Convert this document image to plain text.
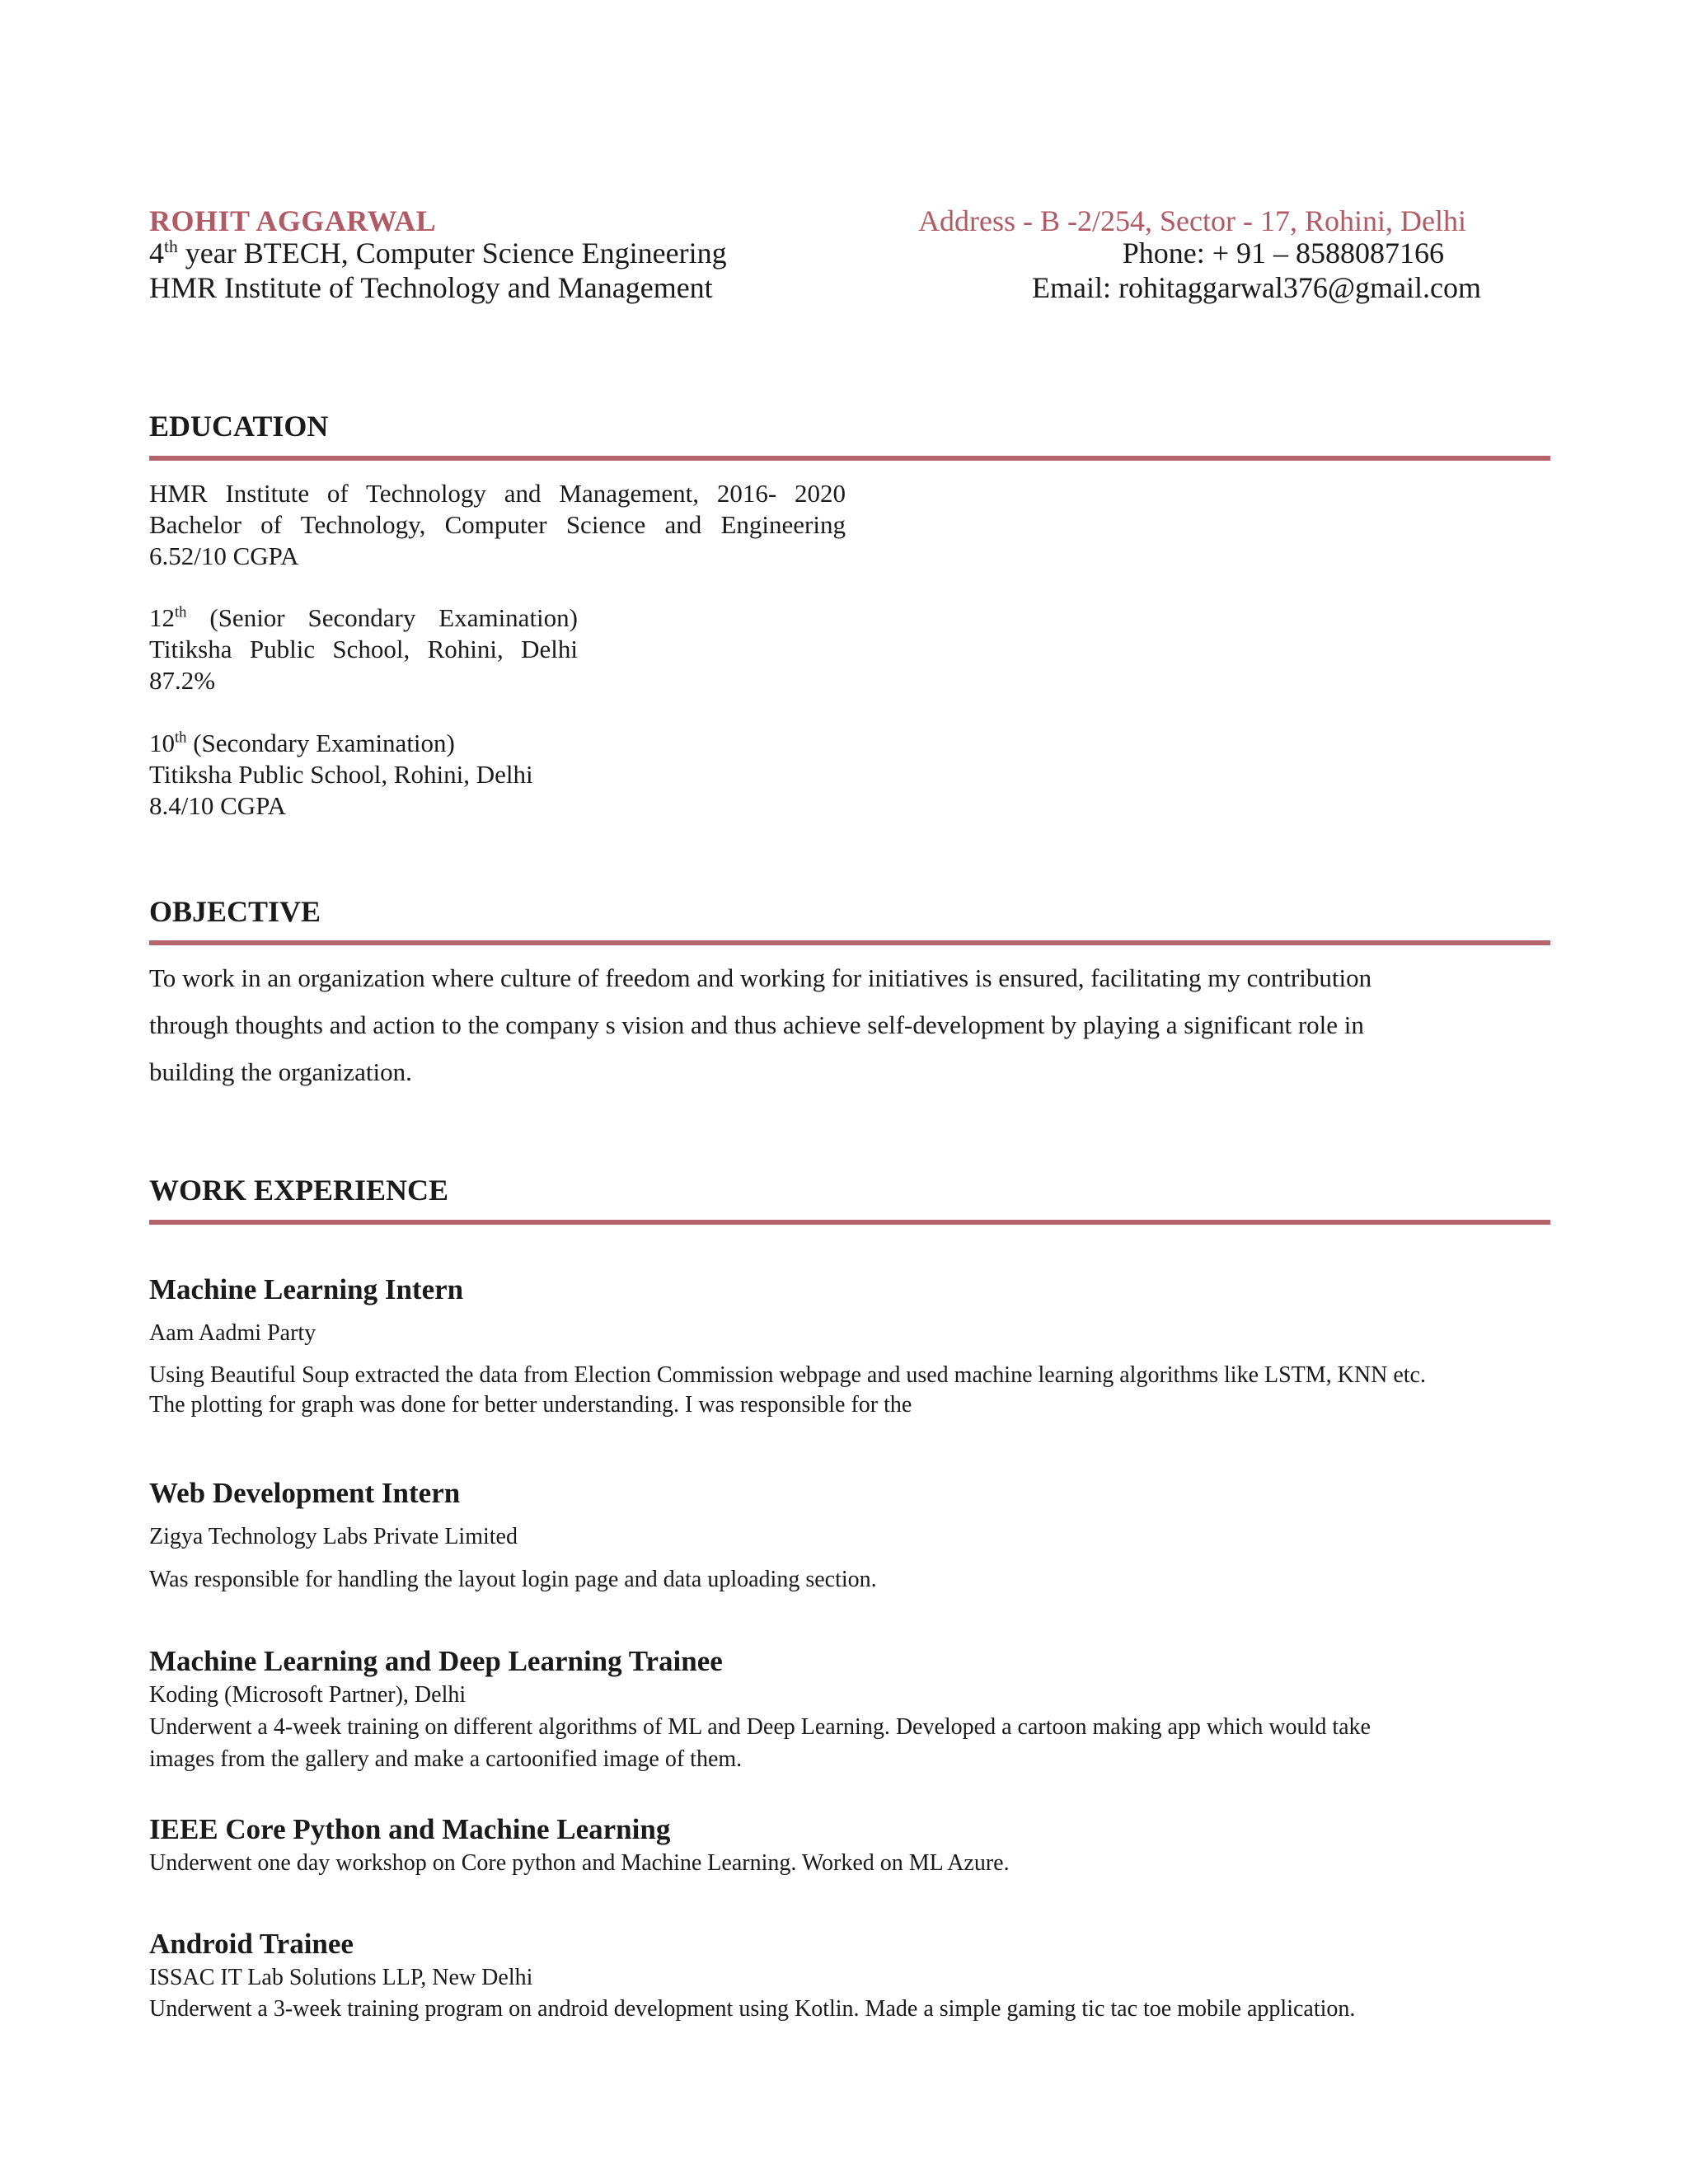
ROHIT AGGARWAL
4th year BTECH, Computer Science Engineering
HMR Institute of Technology and Management
Address - B -2/254, Sector - 17, Rohini, Delhi
Phone: + 91 – 8588087166
Email: rohitaggarwal376@gmail.com
EDUCATION
HMR Institute of Technology and Management, 2016- 2020
Bachelor of Technology, Computer Science and Engineering
6.52/10 CGPA
12th (Senior Secondary Examination)
Titiksha Public School, Rohini, Delhi
87.2%
10th (Secondary Examination)
Titiksha Public School, Rohini, Delhi
8.4/10 CGPA
OBJECTIVE
To work in an organization where culture of freedom and working for initiatives is ensured, facilitating my contribution
through thoughts and action to the company s vision and thus achieve self-development by playing a significant role in
building the organization.
WORK EXPERIENCE
Machine Learning Intern
Aam Aadmi Party
Using Beautiful Soup extracted the data from Election Commission webpage and used machine learning algorithms like LSTM, KNN etc.
The plotting for graph was done for better understanding. I was responsible for the
Web Development Intern
Zigya Technology Labs Private Limited
Was responsible for handling the layout login page and data uploading section.
Machine Learning and Deep Learning Trainee
Koding (Microsoft Partner), Delhi
Underwent a 4-week training on different algorithms of ML and Deep Learning. Developed a cartoon making app which would take
images from the gallery and make a cartoonified image of them.
IEEE Core Python and Machine Learning
Underwent one day workshop on Core python and Machine Learning. Worked on ML Azure.
Android Trainee
ISSAC IT Lab Solutions LLP, New Delhi
Underwent a 3-week training program on android development using Kotlin. Made a simple gaming tic tac toe mobile application.
